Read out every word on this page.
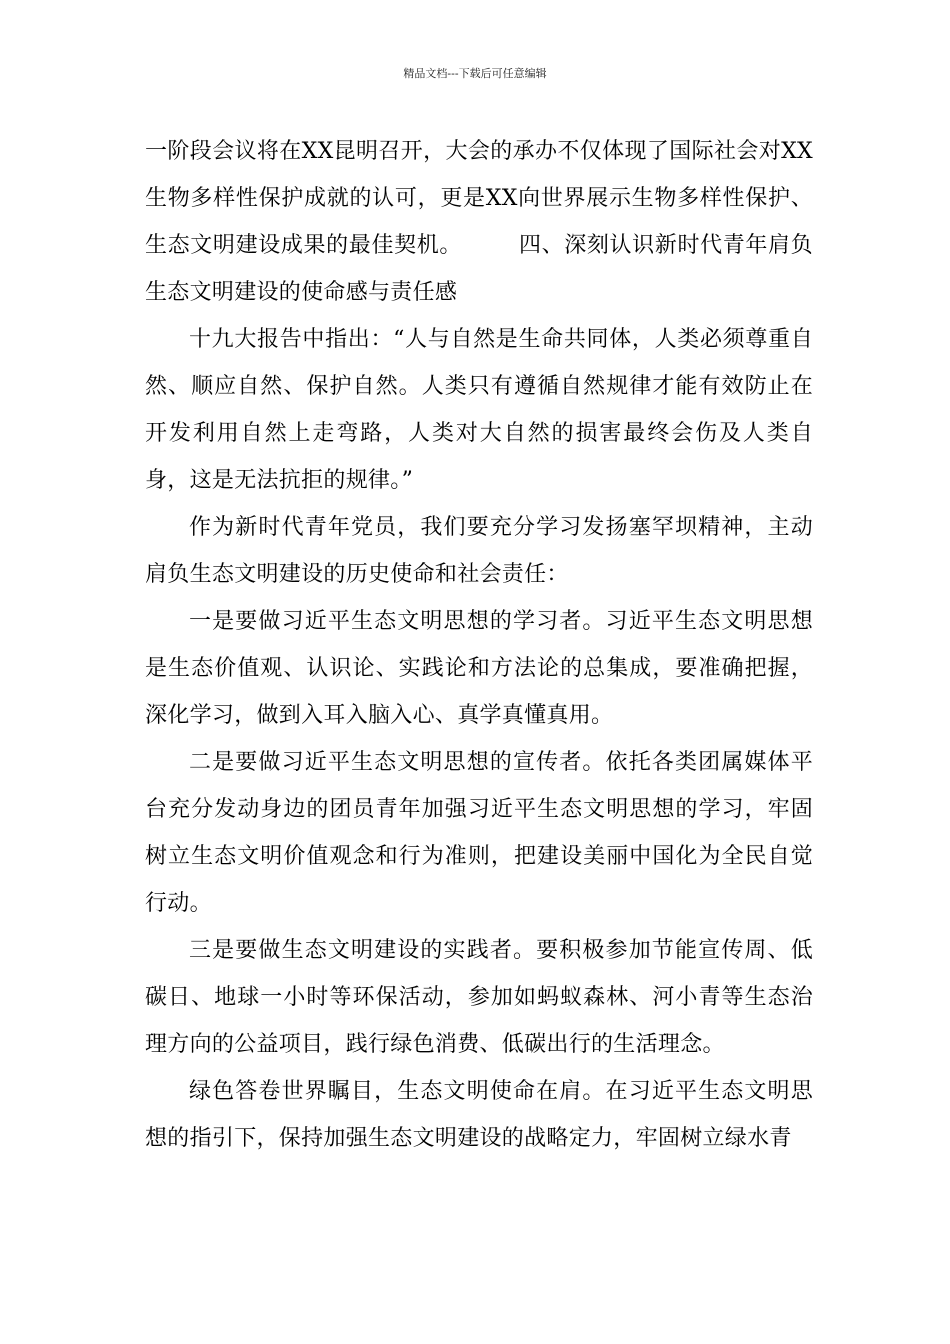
精品文档---下载后可任意编辑

一阶段会议将在XX昆明召开，大会的承办不仅体现了国际社会对XX生物多样性保护成就的认可，更是XX向世界展示生物多样性保护、生态文明建设成果的最佳契机。　　　四、深刻认识新时代青年肩负生态文明建设的使命感与责任感

十九大报告中指出：“人与自然是生命共同体，人类必须尊重自然、顺应自然、保护自然。人类只有遵循自然规律才能有效防止在开发利用自然上走弯路，人类对大自然的损害最终会伤及人类自身，这是无法抗拒的规律。”

作为新时代青年党员，我们要充分学习发扬塞罕坝精神，主动肩负生态文明建设的历史使命和社会责任：

一是要做习近平生态文明思想的学习者。习近平生态文明思想是生态价值观、认识论、实践论和方法论的总集成，要准确把握，深化学习，做到入耳入脑入心、真学真懂真用。

二是要做习近平生态文明思想的宣传者。依托各类团属媒体平台充分发动身边的团员青年加强习近平生态文明思想的学习，牢固树立生态文明价值观念和行为准则，把建设美丽中国化为全民自觉行动。

三是要做生态文明建设的实践者。要积极参加节能宣传周、低碳日、地球一小时等环保活动，参加如蚂蚁森林、河小青等生态治理方向的公益项目，践行绿色消费、低碳出行的生活理念。

绿色答卷世界瞩目，生态文明使命在肩。在习近平生态文明思想的指引下，保持加强生态文明建设的战略定力，牢固树立绿水青
